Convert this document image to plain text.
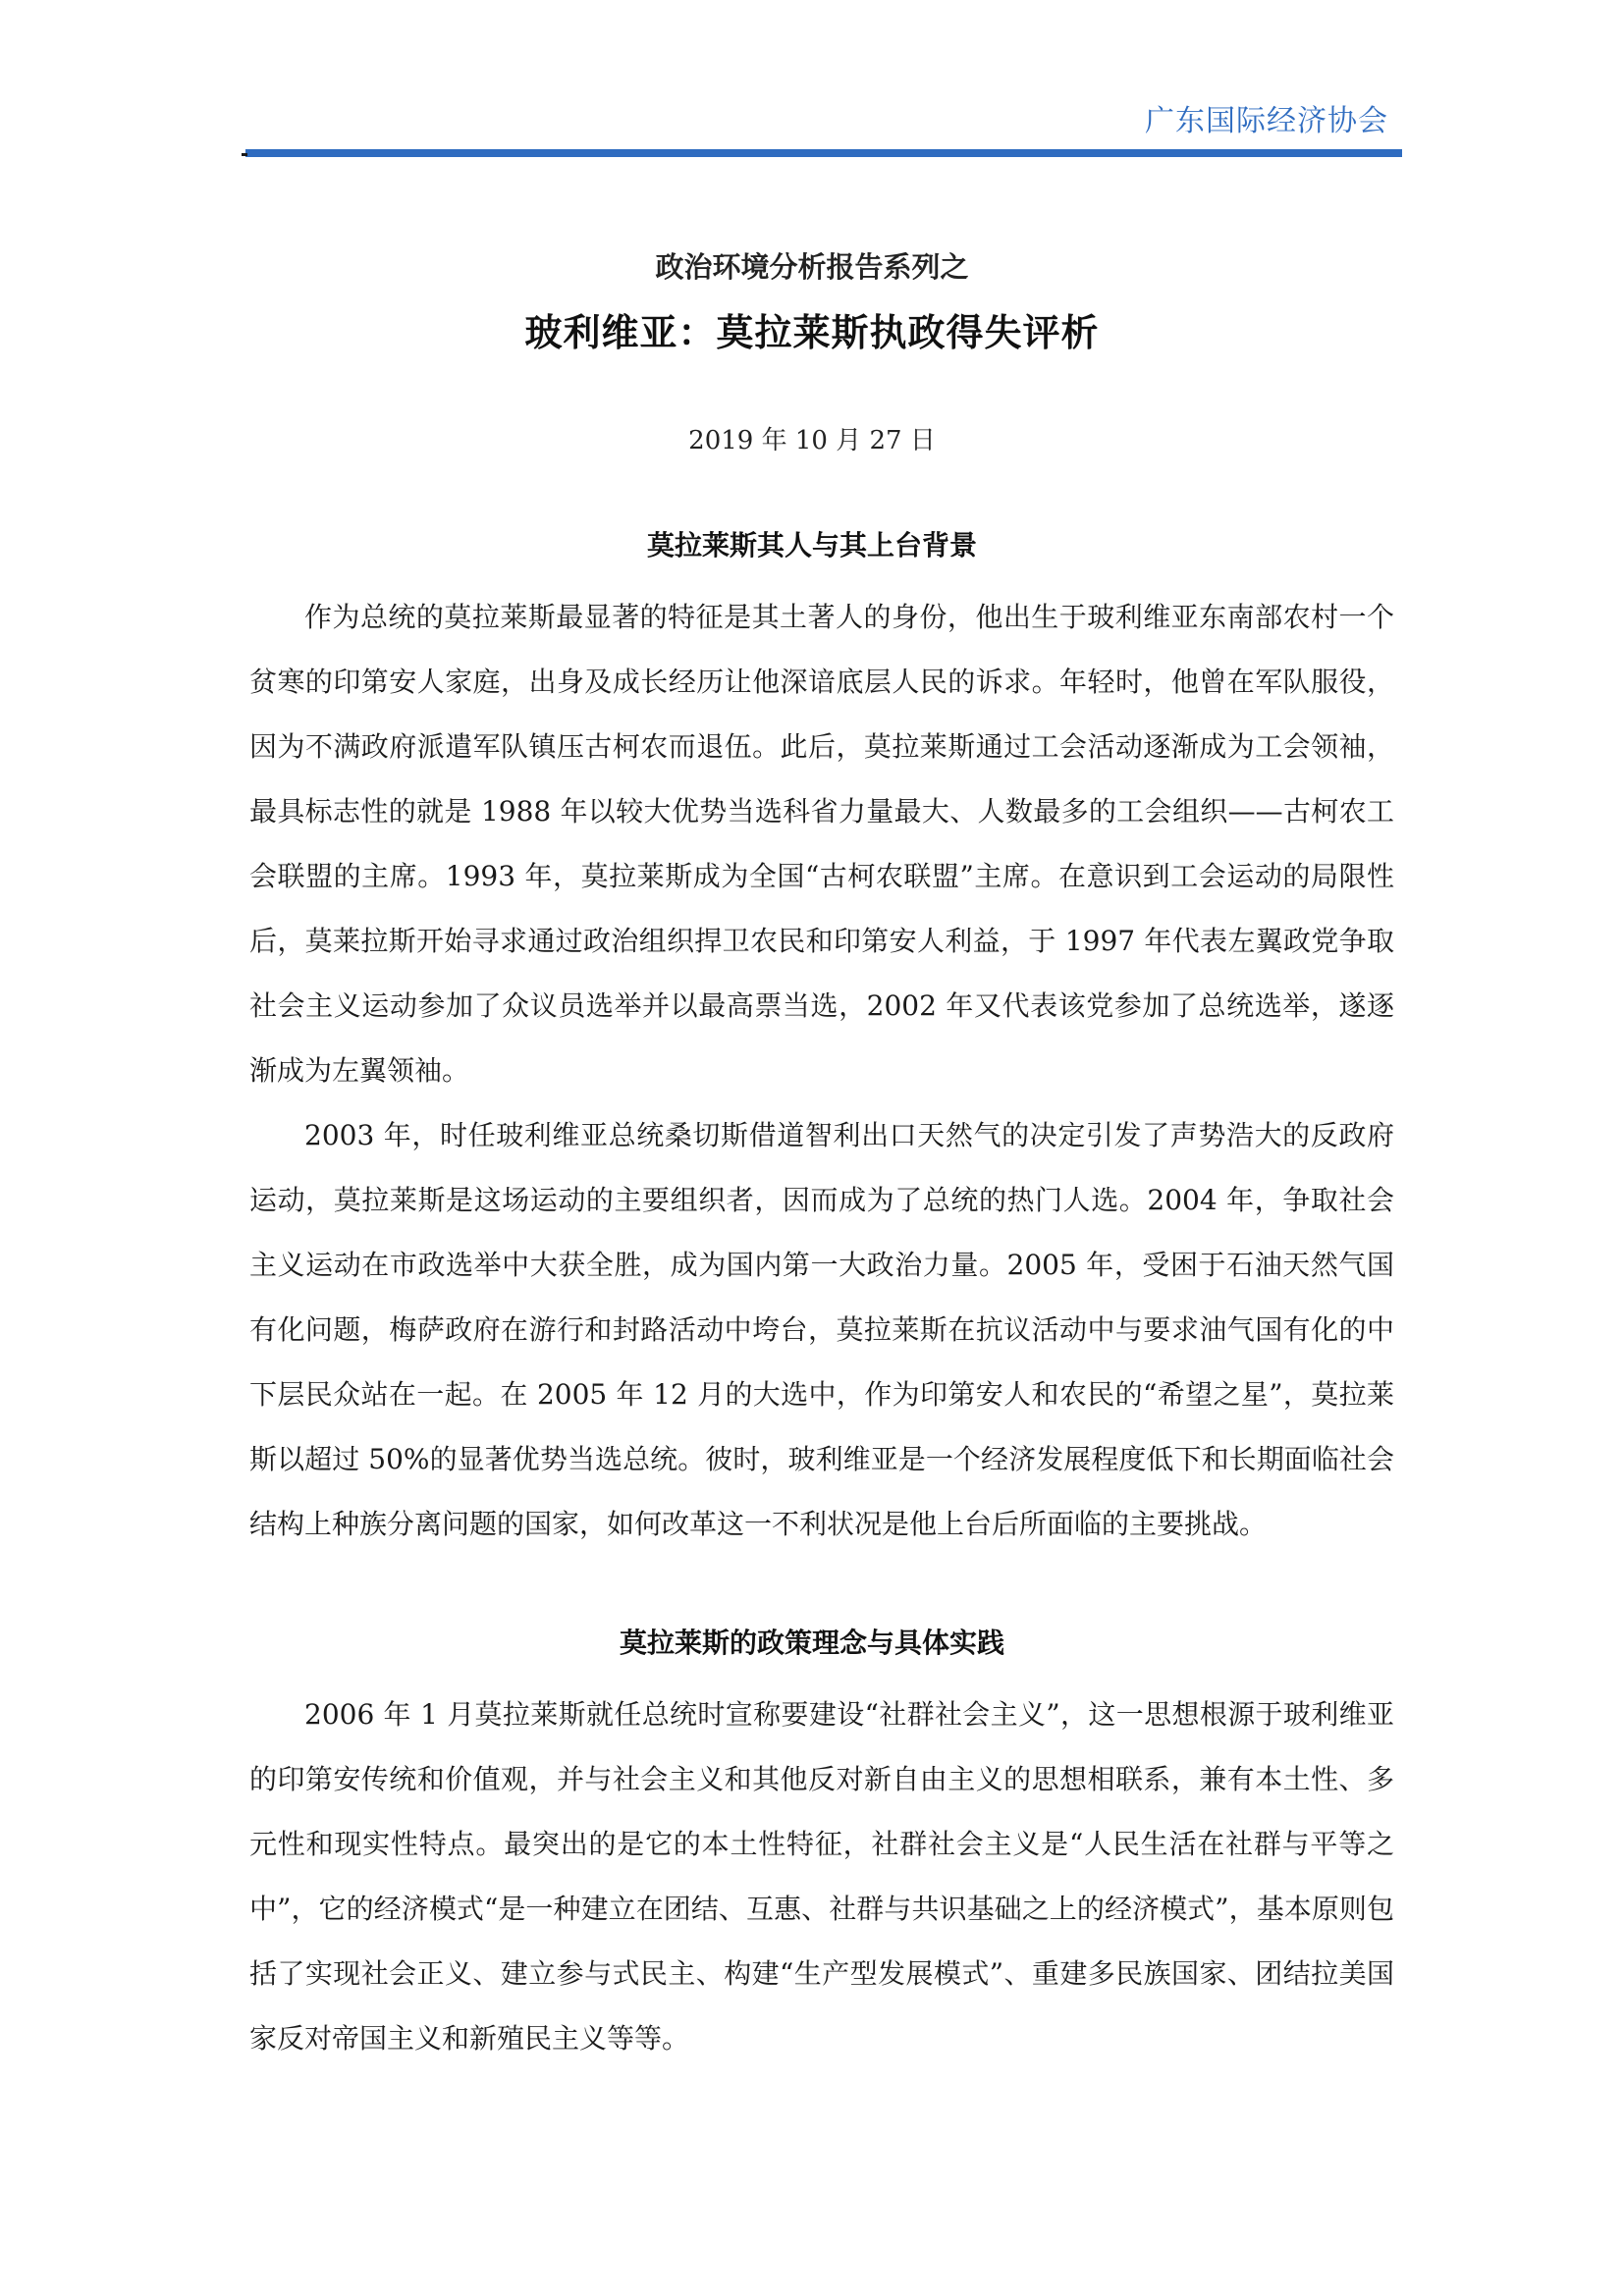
广东国际经济协会
政治环境分析报告系列之
玻利维亚：莫拉莱斯执政得失评析
2019 年 10 月 27 日
莫拉莱斯其人与其上台背景

作为总统的莫拉莱斯最显著的特征是其土著人的身份，他出生于玻利维亚东南部农村一个贫寒的印第安人家庭，出身及成长经历让他深谙底层人民的诉求。年轻时，他曾在军队服役，因为不满政府派遣军队镇压古柯农而退伍。此后，莫拉莱斯通过工会活动逐渐成为工会领袖，最具标志性的就是 1988 年以较大优势当选科省力量最大、人数最多的工会组织——古柯农工会联盟的主席。1993 年，莫拉莱斯成为全国“古柯农联盟”主席。在意识到工会运动的局限性后，莫莱拉斯开始寻求通过政治组织捍卫农民和印第安人利益，于 1997 年代表左翼政党争取社会主义运动参加了众议员选举并以最高票当选，2002 年又代表该党参加了总统选举，遂逐渐成为左翼领袖。

2003 年，时任玻利维亚总统桑切斯借道智利出口天然气的决定引发了声势浩大的反政府运动，莫拉莱斯是这场运动的主要组织者，因而成为了总统的热门人选。2004 年，争取社会主义运动在市政选举中大获全胜，成为国内第一大政治力量。2005 年，受困于石油天然气国有化问题，梅萨政府在游行和封路活动中垮台，莫拉莱斯在抗议活动中与要求油气国有化的中下层民众站在一起。在 2005 年 12 月的大选中，作为印第安人和农民的“希望之星”，莫拉莱斯以超过 50%的显著优势当选总统。彼时，玻利维亚是一个经济发展程度低下和长期面临社会结构上种族分离问题的国家，如何改革这一不利状况是他上台后所面临的主要挑战。

莫拉莱斯的政策理念与具体实践

2006 年 1 月莫拉莱斯就任总统时宣称要建设“社群社会主义”，这一思想根源于玻利维亚的印第安传统和价值观，并与社会主义和其他反对新自由主义的思想相联系，兼有本土性、多元性和现实性特点。最突出的是它的本土性特征，社群社会主义是“人民生活在社群与平等之中”，它的经济模式“是一种建立在团结、互惠、社群与共识基础之上的经济模式”，基本原则包括了实现社会正义、建立参与式民主、构建“生产型发展模式”、重建多民族国家、团结拉美国家反对帝国主义和新殖民主义等等。
